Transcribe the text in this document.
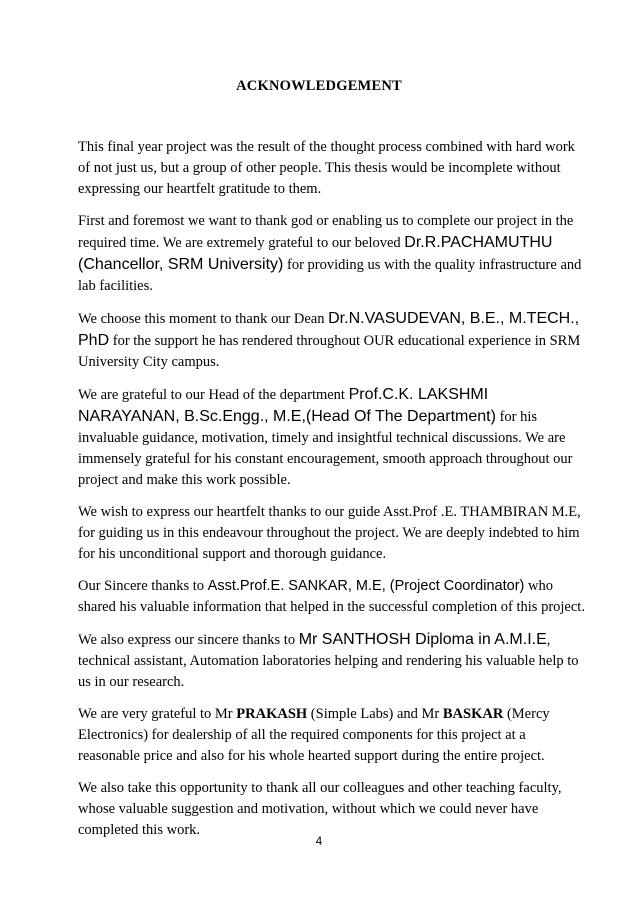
ACKNOWLEDGEMENT

This final year project was the result of the thought process combined with hard work of not just us, but a group of other people. This thesis would be incomplete without expressing our heartfelt gratitude to them.

First and foremost we want to thank god or enabling us to complete our project in the required time. We are extremely grateful to our beloved Dr.R.PACHAMUTHU (Chancellor, SRM University) for providing us with the quality infrastructure and lab facilities.

We choose this moment to thank our Dean Dr.N.VASUDEVAN, B.E., M.TECH., PhD for the support he has rendered throughout OUR educational experience in SRM University City campus.

We are grateful to our Head of the department Prof.C.K. LAKSHMI NARAYANAN, B.Sc.Engg., M.E,(Head Of The Department) for his invaluable guidance, motivation, timely and insightful technical discussions. We are immensely grateful for his constant encouragement, smooth approach throughout our project and make this work possible.

We wish to express our heartfelt thanks to our guide Asst.Prof .E. THAMBIRAN M.E, for guiding us in this endeavour throughout the project. We are deeply indebted to him for his unconditional support and thorough guidance.

Our Sincere thanks to Asst.Prof.E. SANKAR, M.E, (Project Coordinator) who shared his valuable information that helped in the successful completion of this project.

We also express our sincere thanks to Mr SANTHOSH Diploma in A.M.I.E, technical assistant, Automation laboratories helping and rendering his valuable help to us in our research.

We are very grateful to Mr PRAKASH (Simple Labs) and Mr BASKAR (Mercy Electronics) for dealership of all the required components for this project at a reasonable price and also for his whole hearted support during the entire project.

We also take this opportunity to thank all our colleagues and other teaching faculty, whose valuable suggestion and motivation, without which we could never have completed this work.

4
